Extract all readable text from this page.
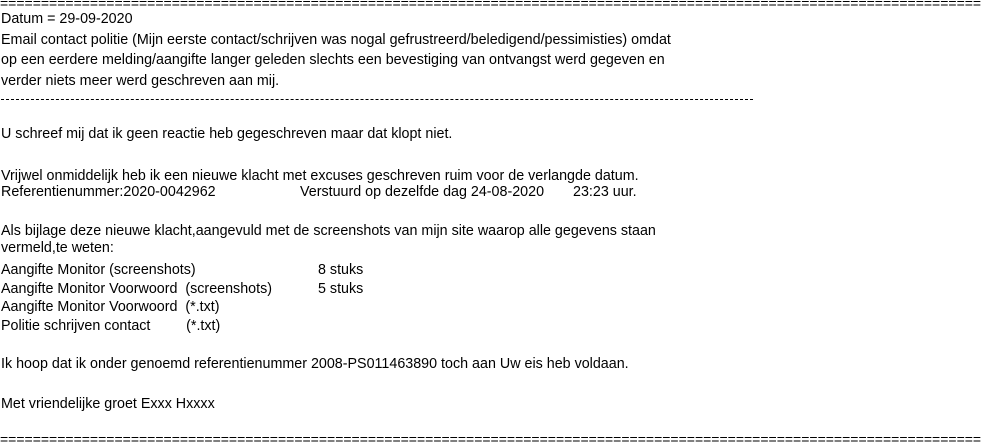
========================================================================================================================
Datum = 29-09-2020
Email contact politie (Mijn eerste contact/schrijven was nogal gefrustreerd/beledigend/pessimisties) omdat
op een eerdere melding/aangifte langer geleden slechts een bevestiging van ontvangst werd gegeven en
verder niets meer werd geschreven aan mij.
U schreef mij dat ik geen reactie heb gegeschreven maar dat klopt niet.
Vrijwel onmiddelijk heb ik een nieuwe klacht met excuses geschreven ruim voor de verlangde datum.
Referentienummer:2020-0042962	Verstuurd op dezelfde dag 24-08-2020 23:23 uur.
Als bijlage deze nieuwe klacht,aangevuld met de screenshots van mijn site waarop alle gegevens staan
vermeld,te weten:
Aangifte Monitor (screenshots)	8 stuks
Aangifte Monitor Voorwoord  (screenshots)	5 stuks
Aangifte Monitor Voorwoord  (*.txt)
Politie schrijven contact         (*.txt)
Ik hoop dat ik onder genoemd referentienummer 2008-PS011463890 toch aan Uw eis heb voldaan.
Met vriendelijke groet Exxx Hxxxx
========================================================================================================================
